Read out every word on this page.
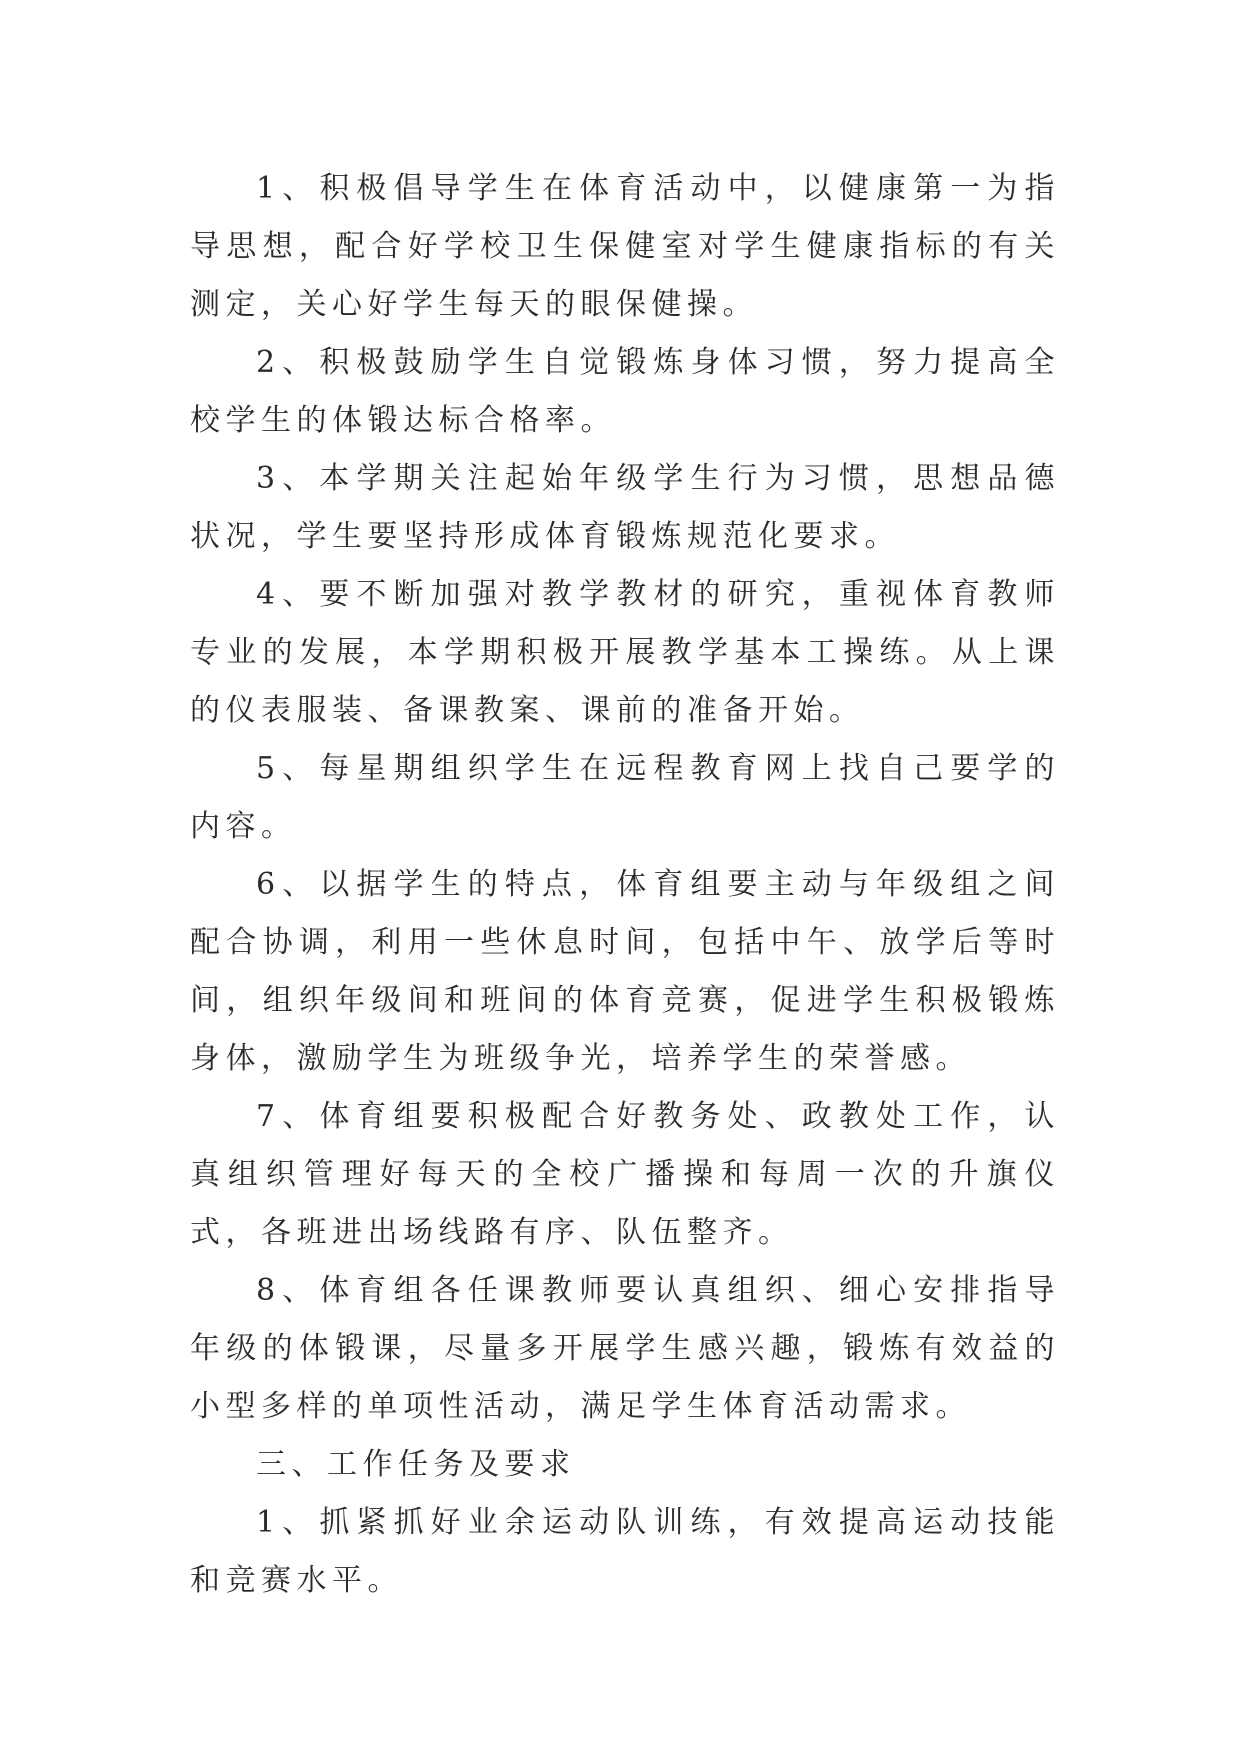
1、积极倡导学生在体育活动中，以健康第一为指导思想，配合好学校卫生保健室对学生健康指标的有关测定，关心好学生每天的眼保健操。

2、积极鼓励学生自觉锻炼身体习惯，努力提高全校学生的体锻达标合格率。

3、本学期关注起始年级学生行为习惯，思想品德状况，学生要坚持形成体育锻炼规范化要求。

4、要不断加强对教学教材的研究，重视体育教师专业的发展，本学期积极开展教学基本工操练。从上课的仪表服装、备课教案、课前的准备开始。

5、每星期组织学生在远程教育网上找自己要学的内容。

6、以据学生的特点，体育组要主动与年级组之间配合协调，利用一些休息时间，包括中午、放学后等时间，组织年级间和班间的体育竞赛，促进学生积极锻炼身体，激励学生为班级争光，培养学生的荣誉感。

7、体育组要积极配合好教务处、政教处工作，认真组织管理好每天的全校广播操和每周一次的升旗仪式，各班进出场线路有序、队伍整齐。

8、体育组各任课教师要认真组织、细心安排指导年级的体锻课，尽量多开展学生感兴趣，锻炼有效益的小型多样的单项性活动，满足学生体育活动需求。

三、工作任务及要求

1、抓紧抓好业余运动队训练，有效提高运动技能和竞赛水平。
